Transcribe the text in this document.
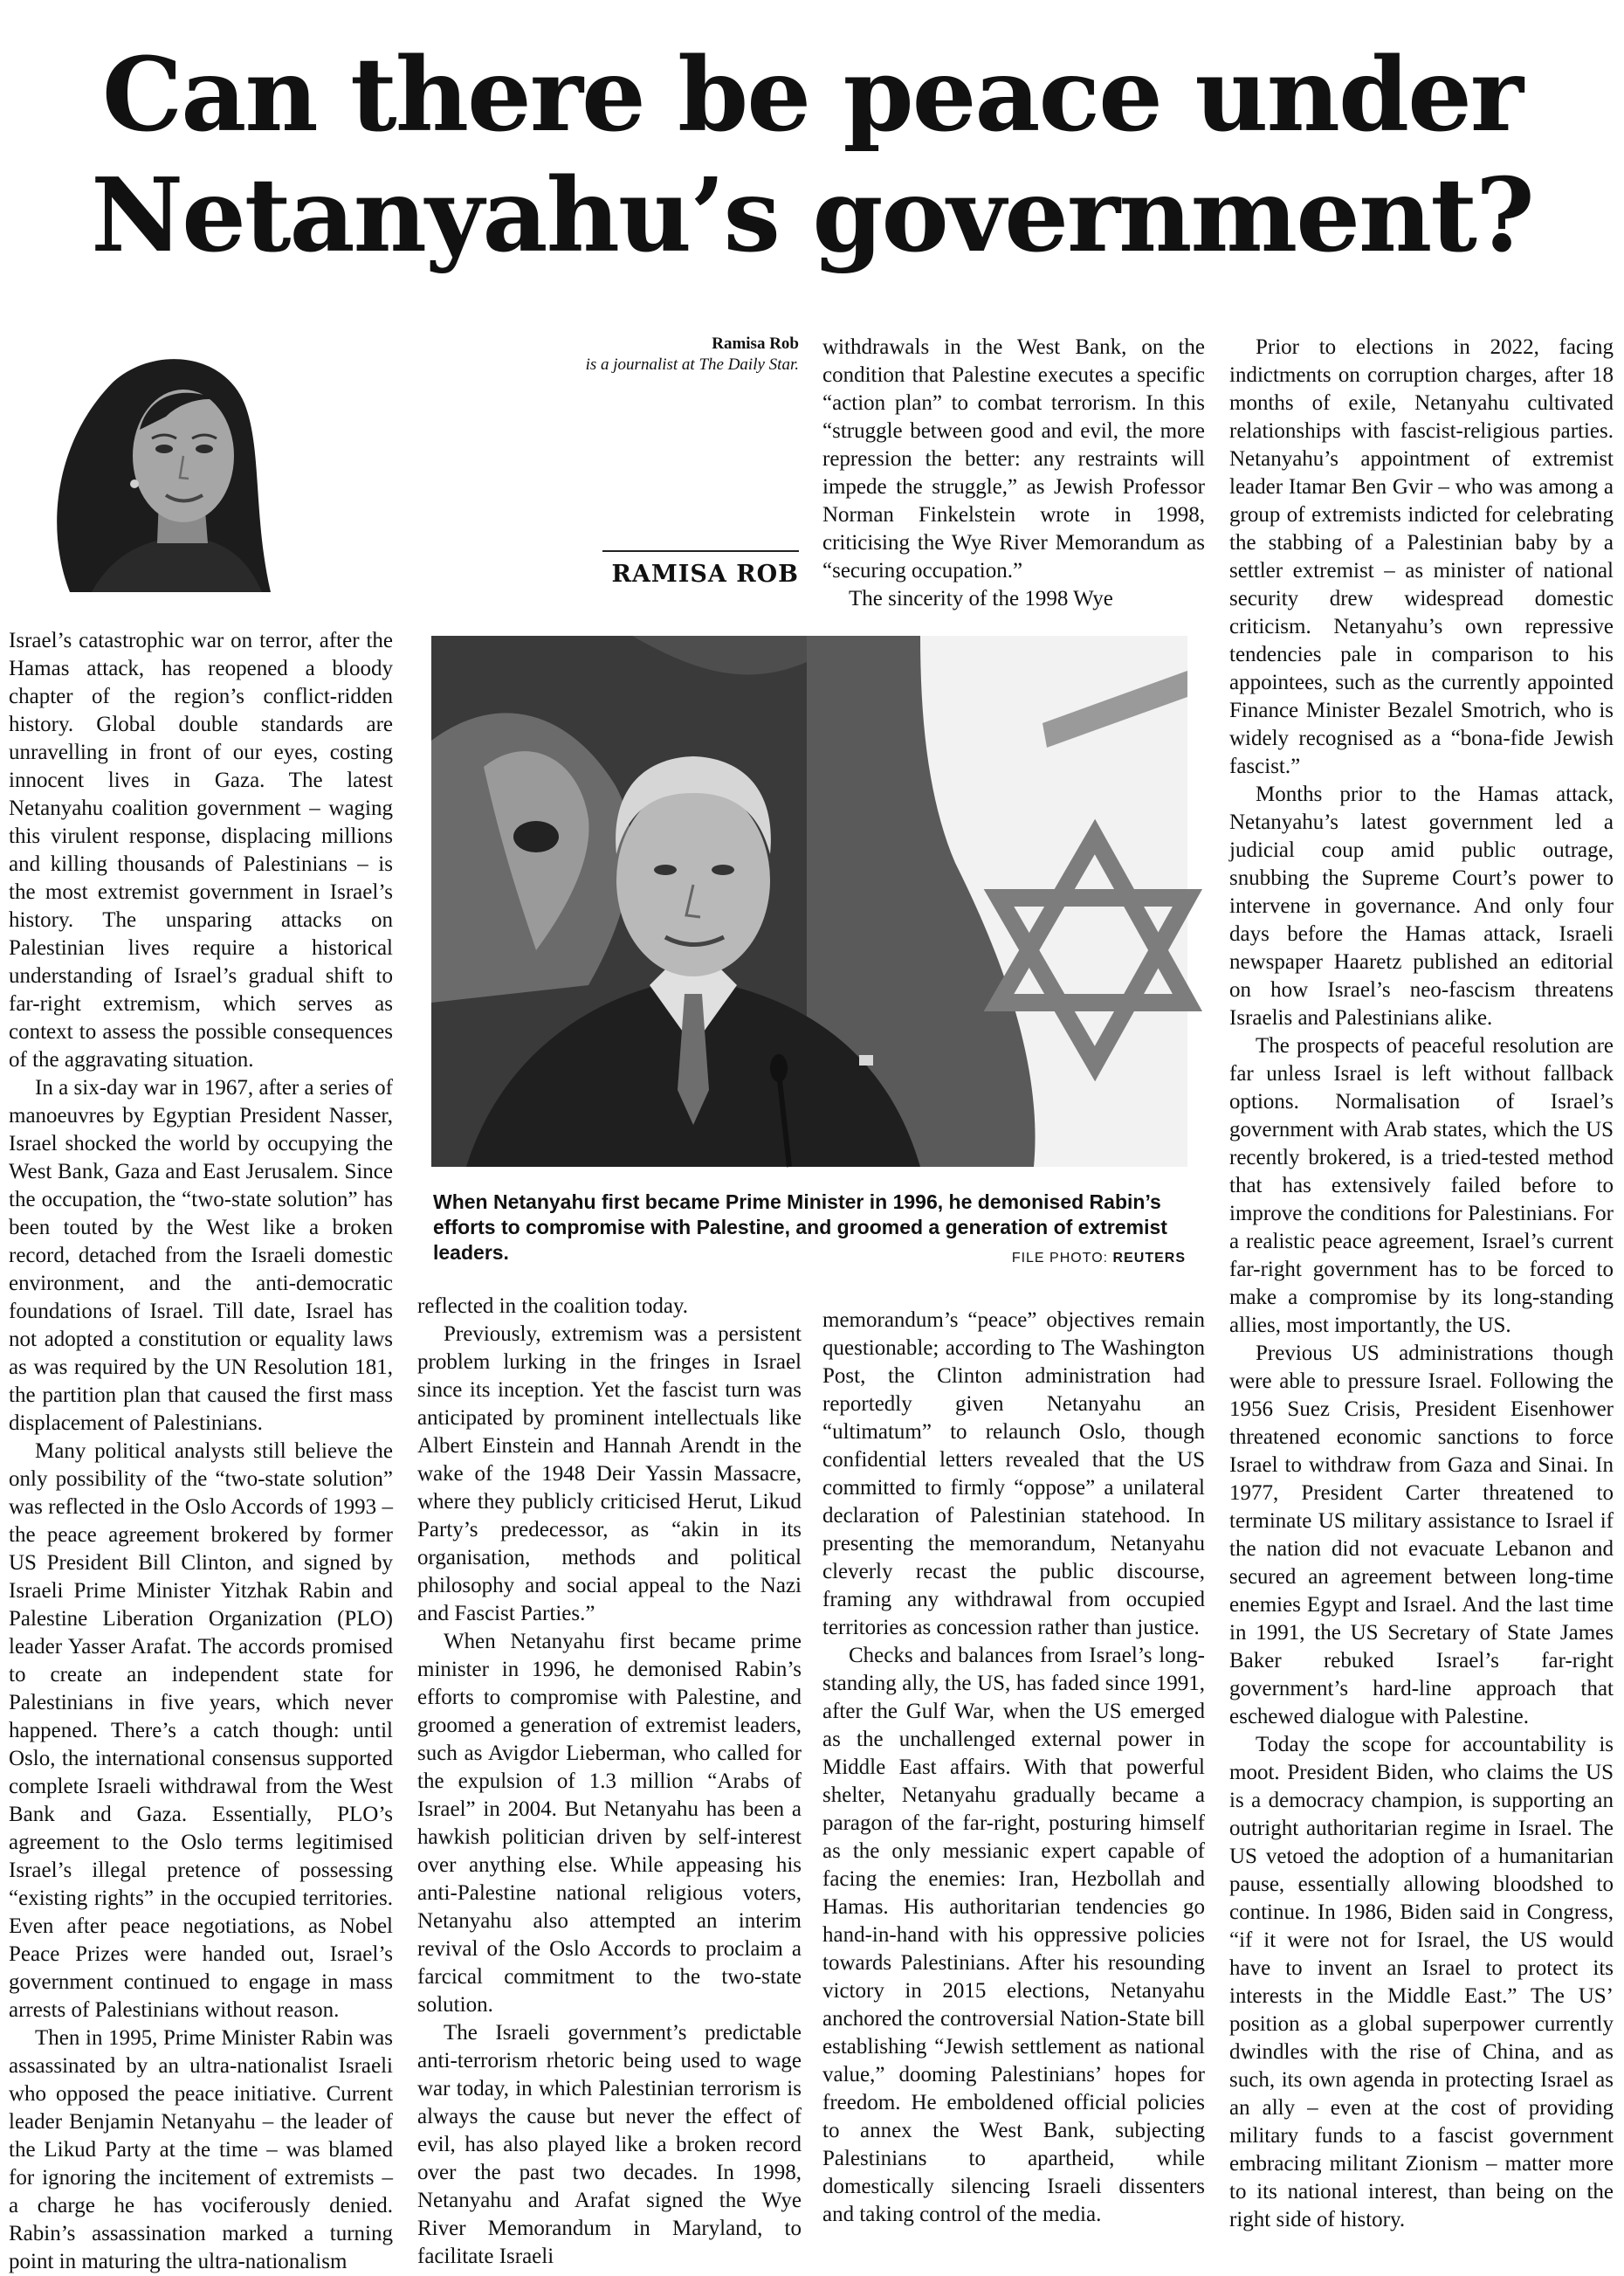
Can there be peace under
Netanyahu’s government?
Ramisa Rob
is a journalist at The Daily Star.
RAMISA ROB

Israel’s catastrophic war on terror, after the Hamas attack, has reopened a bloody chapter of the region’s conflict-ridden history. Global double standards are unravelling in front of our eyes, costing innocent lives in Gaza. The latest Netanyahu coalition government – waging this virulent response, displacing millions and killing thousands of Palestinians – is the most extremist government in Israel’s history. The unsparing attacks on Palestinian lives require a historical understanding of Israel’s gradual shift to far-right extremism, which serves as context to assess the possible consequences of the aggravating situation.

In a six-day war in 1967, after a series of manoeuvres by Egyptian President Nasser, Israel shocked the world by occupying the West Bank, Gaza and East Jerusalem. Since the occupation, the “two-state solution” has been touted by the West like a broken record, detached from the Israeli domestic environment, and the anti-democratic foundations of Israel. Till date, Israel has not adopted a constitution or equality laws as was required by the UN Resolution 181, the partition plan that caused the first mass displacement of Palestinians.

Many political analysts still believe the only possibility of the “two-state solution” was reflected in the Oslo Accords of 1993 – the peace agreement brokered by former US President Bill Clinton, and signed by Israeli Prime Minister Yitzhak Rabin and Palestine Liberation Organization (PLO) leader Yasser Arafat. The accords promised to create an independent state for Palestinians in five years, which never happened. There’s a catch though: until Oslo, the international consensus supported complete Israeli withdrawal from the West Bank and Gaza. Essentially, PLO’s agreement to the Oslo terms legitimised Israel’s illegal pretence of possessing “existing rights” in the occupied territories. Even after peace negotiations, as Nobel Peace Prizes were handed out, Israel’s government continued to engage in mass arrests of Palestinians without reason.

Then in 1995, Prime Minister Rabin was assassinated by an ultra-nationalist Israeli who opposed the peace initiative. Current leader Benjamin Netanyahu – the leader of the Likud Party at the time – was blamed for ignoring the incitement of extremists – a charge he has vociferously denied. Rabin’s assassination marked a turning point in maturing the ultra-nationalism

withdrawals in the West Bank, on the condition that Palestine executes a specific “action plan” to combat terrorism. In this “struggle between good and evil, the more repression the better: any restraints will impede the struggle,” as Jewish Professor Norman Finkelstein wrote in 1998, criticising the Wye River Memorandum as “securing occupation.”

The sincerity of the 1998 Wye

When Netanyahu first became Prime Minister in 1996, he demonised Rabin’s efforts to compromise with Palestine, and groomed a generation of extremist leaders.	FILE PHOTO: REUTERS

reflected in the coalition today.

Previously, extremism was a persistent problem lurking in the fringes in Israel since its inception. Yet the fascist turn was anticipated by prominent intellectuals like Albert Einstein and Hannah Arendt in the wake of the 1948 Deir Yassin Massacre, where they publicly criticised Herut, Likud Party’s predecessor, as “akin in its organisation, methods and political philosophy and social appeal to the Nazi and Fascist Parties.”

When Netanyahu first became prime minister in 1996, he demonised Rabin’s efforts to compromise with Palestine, and groomed a generation of extremist leaders, such as Avigdor Lieberman, who called for the expulsion of 1.3 million “Arabs of Israel” in 2004. But Netanyahu has been a hawkish politician driven by self-interest over anything else. While appeasing his anti-Palestine national religious voters, Netanyahu also attempted an interim revival of the Oslo Accords to proclaim a farcical commitment to the two-state solution.

The Israeli government’s predictable anti-terrorism rhetoric being used to wage war today, in which Palestinian terrorism is always the cause but never the effect of evil, has also played like a broken record over the past two decades. In 1998, Netanyahu and Arafat signed the Wye River Memorandum in Maryland, to facilitate Israeli

memorandum’s “peace” objectives remain questionable; according to The Washington Post, the Clinton administration had reportedly given Netanyahu an “ultimatum” to relaunch Oslo, though confidential letters revealed that the US committed to firmly “oppose” a unilateral declaration of Palestinian statehood. In presenting the memorandum, Netanyahu cleverly recast the public discourse, framing any withdrawal from occupied territories as concession rather than justice.

Checks and balances from Israel’s long-standing ally, the US, has faded since 1991, after the Gulf War, when the US emerged as the unchallenged external power in Middle East affairs. With that powerful shelter, Netanyahu gradually became a paragon of the far-right, posturing himself as the only messianic expert capable of facing the enemies: Iran, Hezbollah and Hamas. His authoritarian tendencies go hand-in-hand with his oppressive policies towards Palestinians. After his resounding victory in 2015 elections, Netanyahu anchored the controversial Nation-State bill establishing “Jewish settlement as national value,” dooming Palestinians’ hopes for freedom. He emboldened official policies to annex the West Bank, subjecting Palestinians to apartheid, while domestically silencing Israeli dissenters and taking control of the media.

Prior to elections in 2022, facing indictments on corruption charges, after 18 months of exile, Netanyahu cultivated relationships with fascist-religious parties. Netanyahu’s appointment of extremist leader Itamar Ben Gvir – who was among a group of extremists indicted for celebrating the stabbing of a Palestinian baby by a settler extremist – as minister of national security drew widespread domestic criticism. Netanyahu’s own repressive tendencies pale in comparison to his appointees, such as the currently appointed Finance Minister Bezalel Smotrich, who is widely recognised as a “bona-fide Jewish fascist.”

Months prior to the Hamas attack, Netanyahu’s latest government led a judicial coup amid public outrage, snubbing the Supreme Court’s power to intervene in governance. And only four days before the Hamas attack, Israeli newspaper Haaretz published an editorial on how Israel’s neo-fascism threatens Israelis and Palestinians alike.

The prospects of peaceful resolution are far unless Israel is left without fallback options. Normalisation of Israel’s government with Arab states, which the US recently brokered, is a tried-tested method that has extensively failed before to improve the conditions for Palestinians. For a realistic peace agreement, Israel’s current far-right government has to be forced to make a compromise by its long-standing allies, most importantly, the US.

Previous US administrations though were able to pressure Israel. Following the 1956 Suez Crisis, President Eisenhower threatened economic sanctions to force Israel to withdraw from Gaza and Sinai. In 1977, President Carter threatened to terminate US military assistance to Israel if the nation did not evacuate Lebanon and secured an agreement between long-time enemies Egypt and Israel. And the last time in 1991, the US Secretary of State James Baker rebuked Israel’s far-right government’s hard-line approach that eschewed dialogue with Palestine.

Today the scope for accountability is moot. President Biden, who claims the US is a democracy champion, is supporting an outright authoritarian regime in Israel. The US vetoed the adoption of a humanitarian pause, essentially allowing bloodshed to continue. In 1986, Biden said in Congress, “if it were not for Israel, the US would have to invent an Israel to protect its interests in the Middle East.” The US’ position as a global superpower currently dwindles with the rise of China, and as such, its own agenda in protecting Israel as an ally – even at the cost of providing military funds to a fascist government embracing militant Zionism – matter more to its national interest, than being on the right side of history.
